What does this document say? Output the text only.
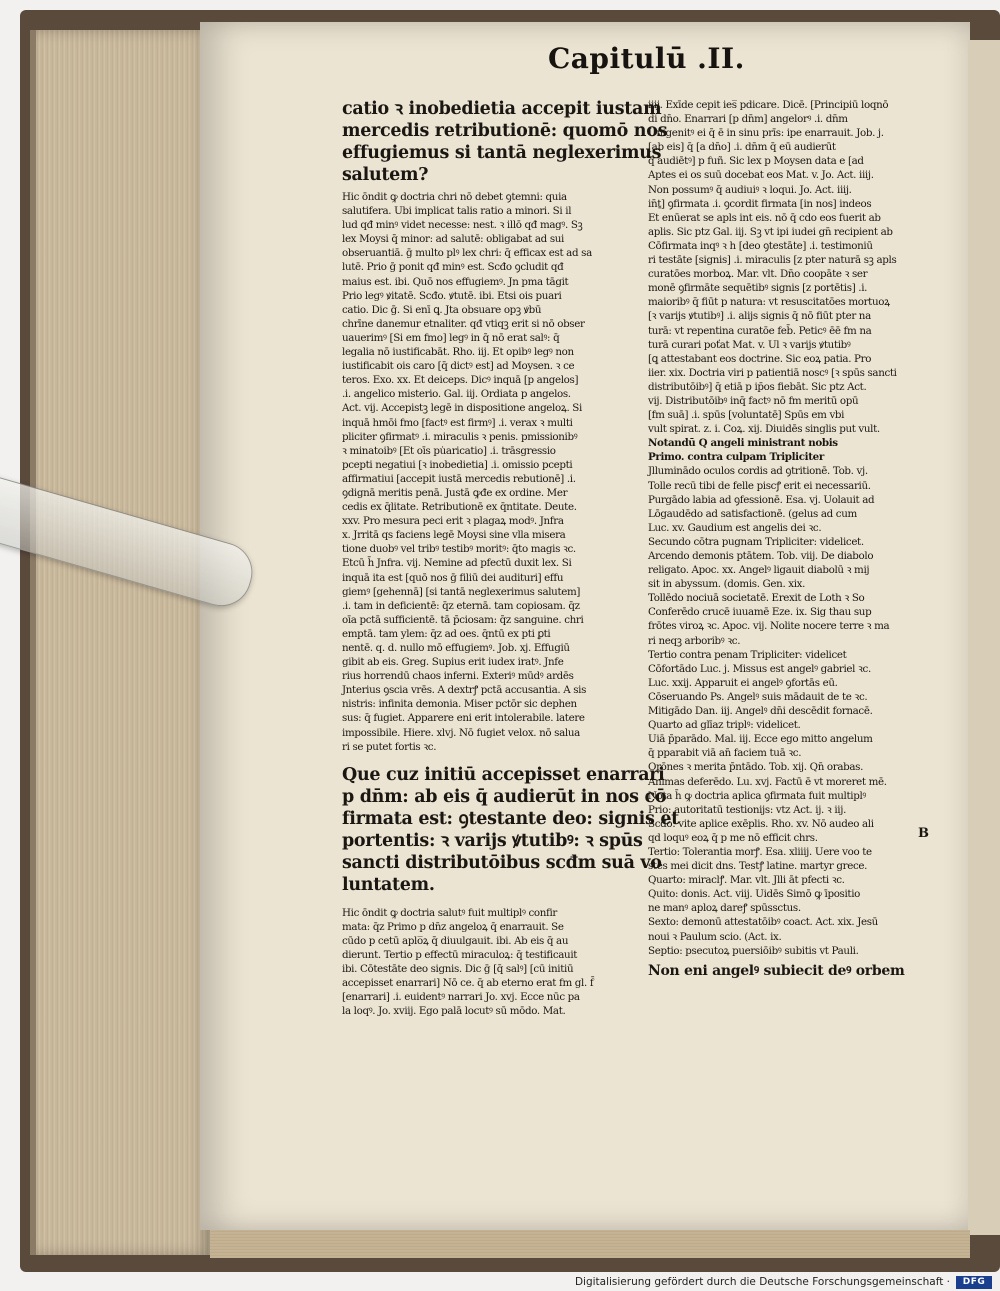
Capitulū .II.
catio ꝛ inobedietia accepit iustam
mercedis retributionē: quomō nos
effugiemus si tantā neglexerimus
salutem?
Hic ōndit ꝙ doctria chri nō debet ꝯtemni: quia
salutifera. Ubi implicat talis ratio a minori. Si il
lud qđ minꝰ videt necesse: nest. ꝛ illō qđ magꝰ. Sꝫ
lex Moysi q̄ minor: ad salutē: obligabat ad sui
obseruantiā. ḡ multo plꝰ lex chri: q̄ efficax est ad sa
lutē. Prio ḡ ponit qđ minꝰ est. Scđo ꝯcludit qđ
maius est. ibi. Quō nos effugiemꝰ. Jn pma tāgit
Prio legꝰ ꝟitatē. Scđo. ꝟtutē. ibi. Etsi ois puari
catio. Dic ḡ. Si enī ꝗ. Jta obsuare opꝫ ꝟbū
chrīne danemur etnaliter. qđ vtiqꝫ erit si nō obser
uauerimꝰ [Si em fmo] legꝰ in q̄ nō erat salꝰ: q̄
legalia nō iustificabāt. Rho. iij. Et opibꝰ legꝰ non
iustificabit ois caro [q̄ dictꝰ est] ad Moysen. ꝛ ce
teros. Exo. xx. Et deiceps. Dicꝰ inquā [p angelos]
.i. angelico misterio. Gal. iij. Ordiata p angelos.
Act. vij. Accepistꝫ legē in dispositione angeloꝝ. Si
inquā hmōi fmo [factꝰ est firmꝰ] .i. verax ꝛ multi
pliciter ꝯfirmatꝰ .i. miraculis ꝛ penis. pmissionibꝰ
ꝛ minatoibꝰ [Et oīs pu̇aricatio] .i. trāsgressio
pcepti negatiui [ꝛ inobedietia] .i. omissio pcepti
affirmatiui [accepit iustā mercedis rebutionē] .i.
ꝯdignā meritis penā. Justā ꝙđe ex ordine. Mer
cedis ex q̄litate. Retributionē ex q̄ntitate. Deute.
xxv. Pro mesura peci erit ꝛ plagaꝝ modꝰ. Jnfra
x. Jrritā qs faciens legē Moysi sine vlla misera
tione duobꝰ vel tribꝰ testibꝰ moritꝰ: q̄to magis ꝛc.
Etcū h̄ Jnfra. vij. Nemine ad pfectū duxit lex. Si
inquā ita est [quō nos ḡ filiū dei audituri] effu
giemꝰ [gehennā] [si tantā neglexerimus salutem]
.i. tam in deficientē: q̄z eternā. tam copiosam. q̄z
oīa pctā sufficientē. tā p̄ciosam: q̄z sanguine. chri
emptā. tam ylem: q̄z ad oes. q̄ntū ex pti ꝑti
nentē. q. d. nullo mō effugiemꝰ. Job. xj. Effugiū
gibit ab eis. Greg. Supius erit iudex iratꝰ. Jnfe
rius horrendū chaos inferni. Exteriꝰ mūdꝰ ardēs
Jnterius ꝯscia vrēs. A dextrꝭ pctā accusantia. A sis
nistris: infinita demonia. Miser pctōr sic dephen
sus: q̄ fugiet. Apparere eni erit intolerabile. latere
impossibile. Hiere. xlvj. Nō fugiet velox. nō salua
ri se putet fortis ꝛc.
Que cuz initiū accepisset enarrari
p dn̄m: ab eis q̄ audierūt in nos cō
firmata est: ꝯtestante deo: signis et
portentis: ꝛ varijs ꝟtutibꝰ: ꝛ spūs
sancti distributōibus scđm suā vo
luntatem.
Hic ōndit ꝙ doctria salutꝰ fuit multiplꝰ confir
mata: q̄z Primo p dn̄z angeloꝝ q̄ enarrauit. Se
cūdo p cetū aplo̅ꝝ q̄ diuulgauit. ibi. Ab eis q̄ au
dierunt. Tertio p effectū miraculoꝝ: q̄ testificauit
ibi. Cōtestāte deo signis. Dic ḡ [q̄ salꝰ] [cū initiū
accepisset enarrari] Nō ce. q̄ ab eterno erat fm gl. f̄
[enarrari] .i. euidentꝰ narrari Jo. xvj. Ecce nūc pa
la loqꝰ. Jo. xviij. Ego palā locutꝰ sū mōdo. Mat.
iiij. Exīde cepit ies̅ pdicare. Dicē. [Principiū loqnō
di dn̄o. Enarrari [p dn̄m] angelorꝰ .i. dn̄m
Unigenitꝰ ei q̄ ē in sinu prīs: ipe enarrauit. Job. j.
[ab eis] q̄ [a dn̄o] .i. dn̄m q̄ eū audierūt
q̄ audiētꝰ] p fuñ. Sic lex p Moysen data e [ad
Aptes ei os suū docebat eos Mat. v. Jo. Act. iiij.
Non possumꝰ q̄ audiuiꝰ ꝛ loqui. Jo. Act. iiij.
in̄ṯ] ꝯfirmata .i. ꝯcordit firmata [in nos] indeos
Et enūerat se apls int eis. nō q̄ cdo eos fuerit ab
aplis. Sic ptz Gal. iij. Sꝫ vt ipi iudei gn̄ recipient ab
Cōfirmata inqꝰ ꝛ h [deo ꝯtestāte] .i. testimoniū
ri testāte [signis] .i. miraculis [z pter naturā sꝫ apls
curatōes morboꝝ. Mar. vlt. Dn̄o coopāte ꝛ ser
monē ꝯfirmāte sequētibꝰ signis [z portētis] .i.
maioribꝰ q̄ fiūt p natura: vt resuscitatōes mortuoꝝ
[ꝛ varijs ꝟtutibꝰ] .i. alijs signis q̄ nō fiūt pter na
turā: vt repentina curatōe feb̄. Peticꝰ ēē fm na
turā curari poťat Mat. v. Ul ꝛ varijs ꝟtutibꝰ
[ꝗ attestabant eos doctrine. Sic eoꝝ patia. Pro
iier. xix. Doctria viri p patientiā noscꝰ [ꝛ spūs sancti
distributōibꝰ] q̄ etiā p ip̄os fiebāt. Sic ptz Act.
vij. Distributōibꝰ inq̄ factꝰ nō fm meritū opū
[fm suā] .i. spūs [voluntatē] Spūs em vbi
vult spirat. z. i. Coꝝ. xij. Diuidēs singlis put vult.
Notandū Q angeli ministrant nobis
Primo. contra culpam Tripliciter
Jlluminādo oculos cordis ad ꝯtritionē. Tob. vj.
Tolle recū tibi de felle piscꝭ erit ei necessariū.
Purgādo labia ad ꝯfessionē. Esa. vj. Uolauit ad
Lōgaudēdo ad satisfactionē. (gelus ad cum
Luc. xv. Gaudium est angelis dei ꝛc.
Secundo cōtra pugnam Tripliciter: videlicet.
Arcendo demonis ptātem. Tob. viij. De diabolo
religato. Apoc. xx. Angelꝰ ligauit diabolū ꝛ mij
sit in abyssum. (domis. Gen. xix.
Tollēdo nociuā societatē. Erexit de Loth ꝛ So
Conferēdo crucē iuuamē Eze. ix. Sig thau sup
frōtes viroꝝ ꝛc. Apoc. vij. Nolite nocere terre ꝛ ma
ri neqꝫ arboribꝰ ꝛc.
Tertio contra penam Tripliciter: videlicet
Cōfortādo Luc. j. Missus est angelꝰ gabriel ꝛc.
Luc. xxij. Apparuit ei angelꝰ ꝯfortās eū.
Cōseruando Ps. Angelꝰ suis mādauit de te ꝛc.
Mitigādo Dan. iij. Angelꝰ dn̄i descēdit fornacē.
Quarto ad glīaz triplꝰ: videlicet.
Uiā p̄parādo. Mal. iij. Ecce ego mitto angelum
q̄ pparabit viā an̄ faciem tuā ꝛc.
Orōnes ꝛ merita p̄ntādo. Tob. xij. Qn̄ orabas.
Animas deferēdo. Lu. xvj. Factū ē vt moreret mē.
Nota h̄ ꝙ doctria aplica ꝯfirmata fuit multiplꝰ
Prio: autoritatū testionijs: vtz Act. ij. ꝛ iij.
Scđo: vite aplice exēplis. Rho. xv. Nō audeo ali
qd loquꝰ eoꝝ q̄ p me nō efficit chrs.
Tertio: Tolerantia morꝭ. Esa. xliiij. Uere voo te
stes mei dicit dns. Testꝭ latine. martyr grece.
Quarto: miraclꝭ. Mar. vlt. Jlli āt pfecti ꝛc.
Quito: donis. Act. viij. Uidēs Simō ꝙ īpositio
ne manꝰ aploꝝ dareꝭ spūssctus.
Sexto: demonū attestatōibꝰ coact. Act. xix. Jesū
noui ꝛ Paulum scio. (Act. ix.
Septio: psecutoꝝ puersiōibꝰ subitis vt Pauli.
Non eni angelꝰ subiecit deꝰ orbem
B
Digitalisierung gefördert durch die Deutsche Forschungsgemeinschaft ·	DFG
